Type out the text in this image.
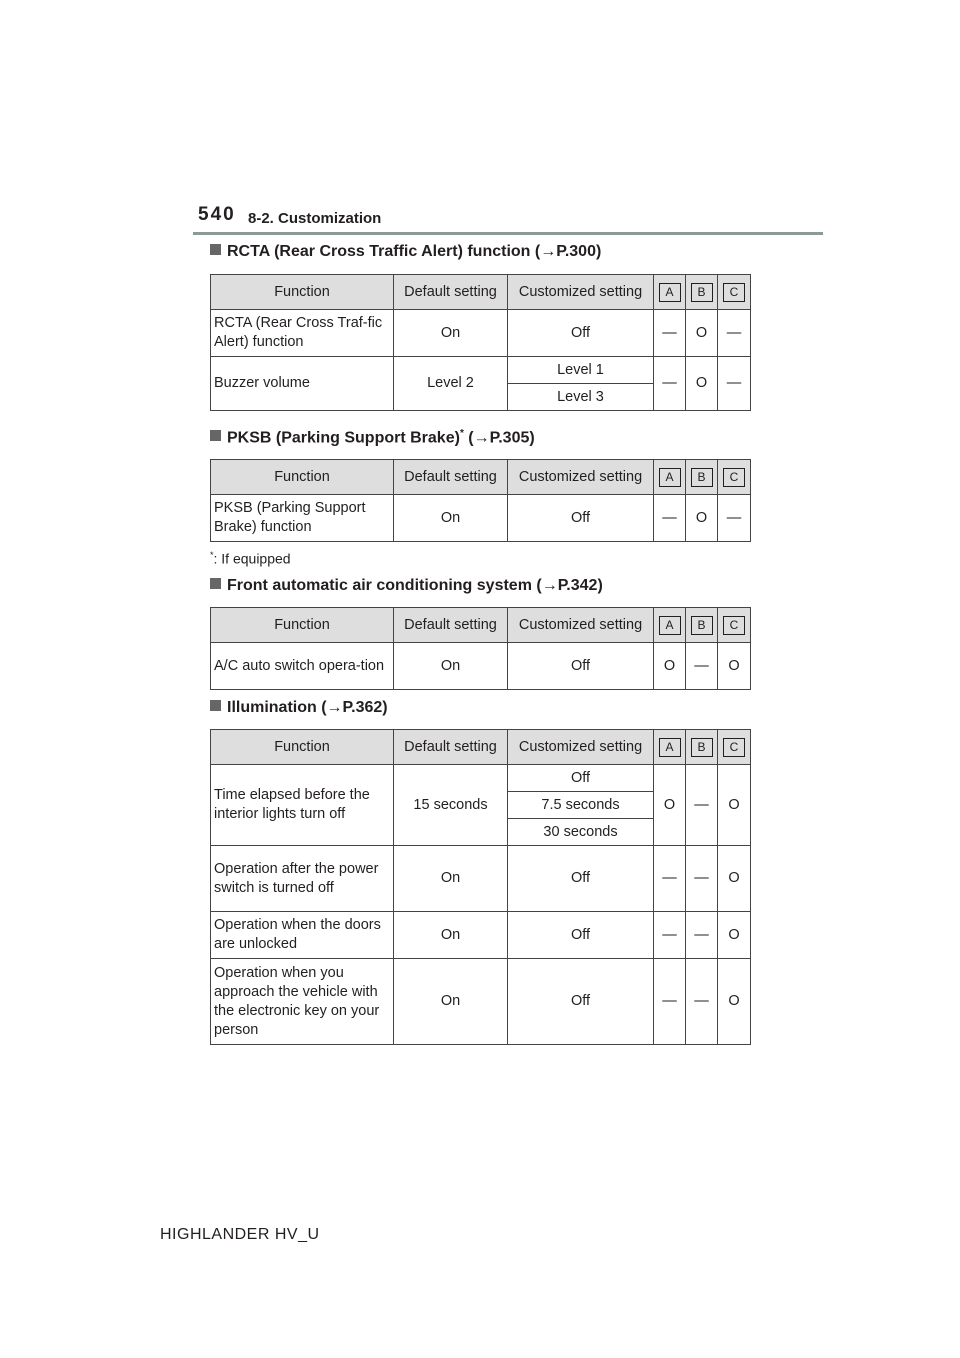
540 8-2. Customization
RCTA (Rear Cross Traffic Alert) function (→P.300)
Function	Default setting	Customized setting	A	B	C
RCTA (Rear Cross Traf-fic Alert) function	On	Off	—	O	—
Buzzer volume	Level 2	Level 1	—	O	—
		Level 3			
PKSB (Parking Support Brake)* (→P.305)
Function	Default setting	Customized setting	A	B	C
PKSB (Parking Support Brake) function	On	Off	—	O	—
*: If equipped
Front automatic air conditioning system (→P.342)
Function	Default setting	Customized setting	A	B	C
A/C auto switch opera-tion	On	Off	O	—	O
Illumination (→P.362)
Function	Default setting	Customized setting	A	B	C
Time elapsed before the interior lights turn off	15 seconds	Off	O	—	O
		7.5 seconds			
		30 seconds			
Operation after the power switch is turned off	On	Off	—	—	O
Operation when the doors are unlocked	On	Off	—	—	O
Operation when you approach the vehicle with the electronic key on your person	On	Off	—	—	O
HIGHLANDER HV_U
